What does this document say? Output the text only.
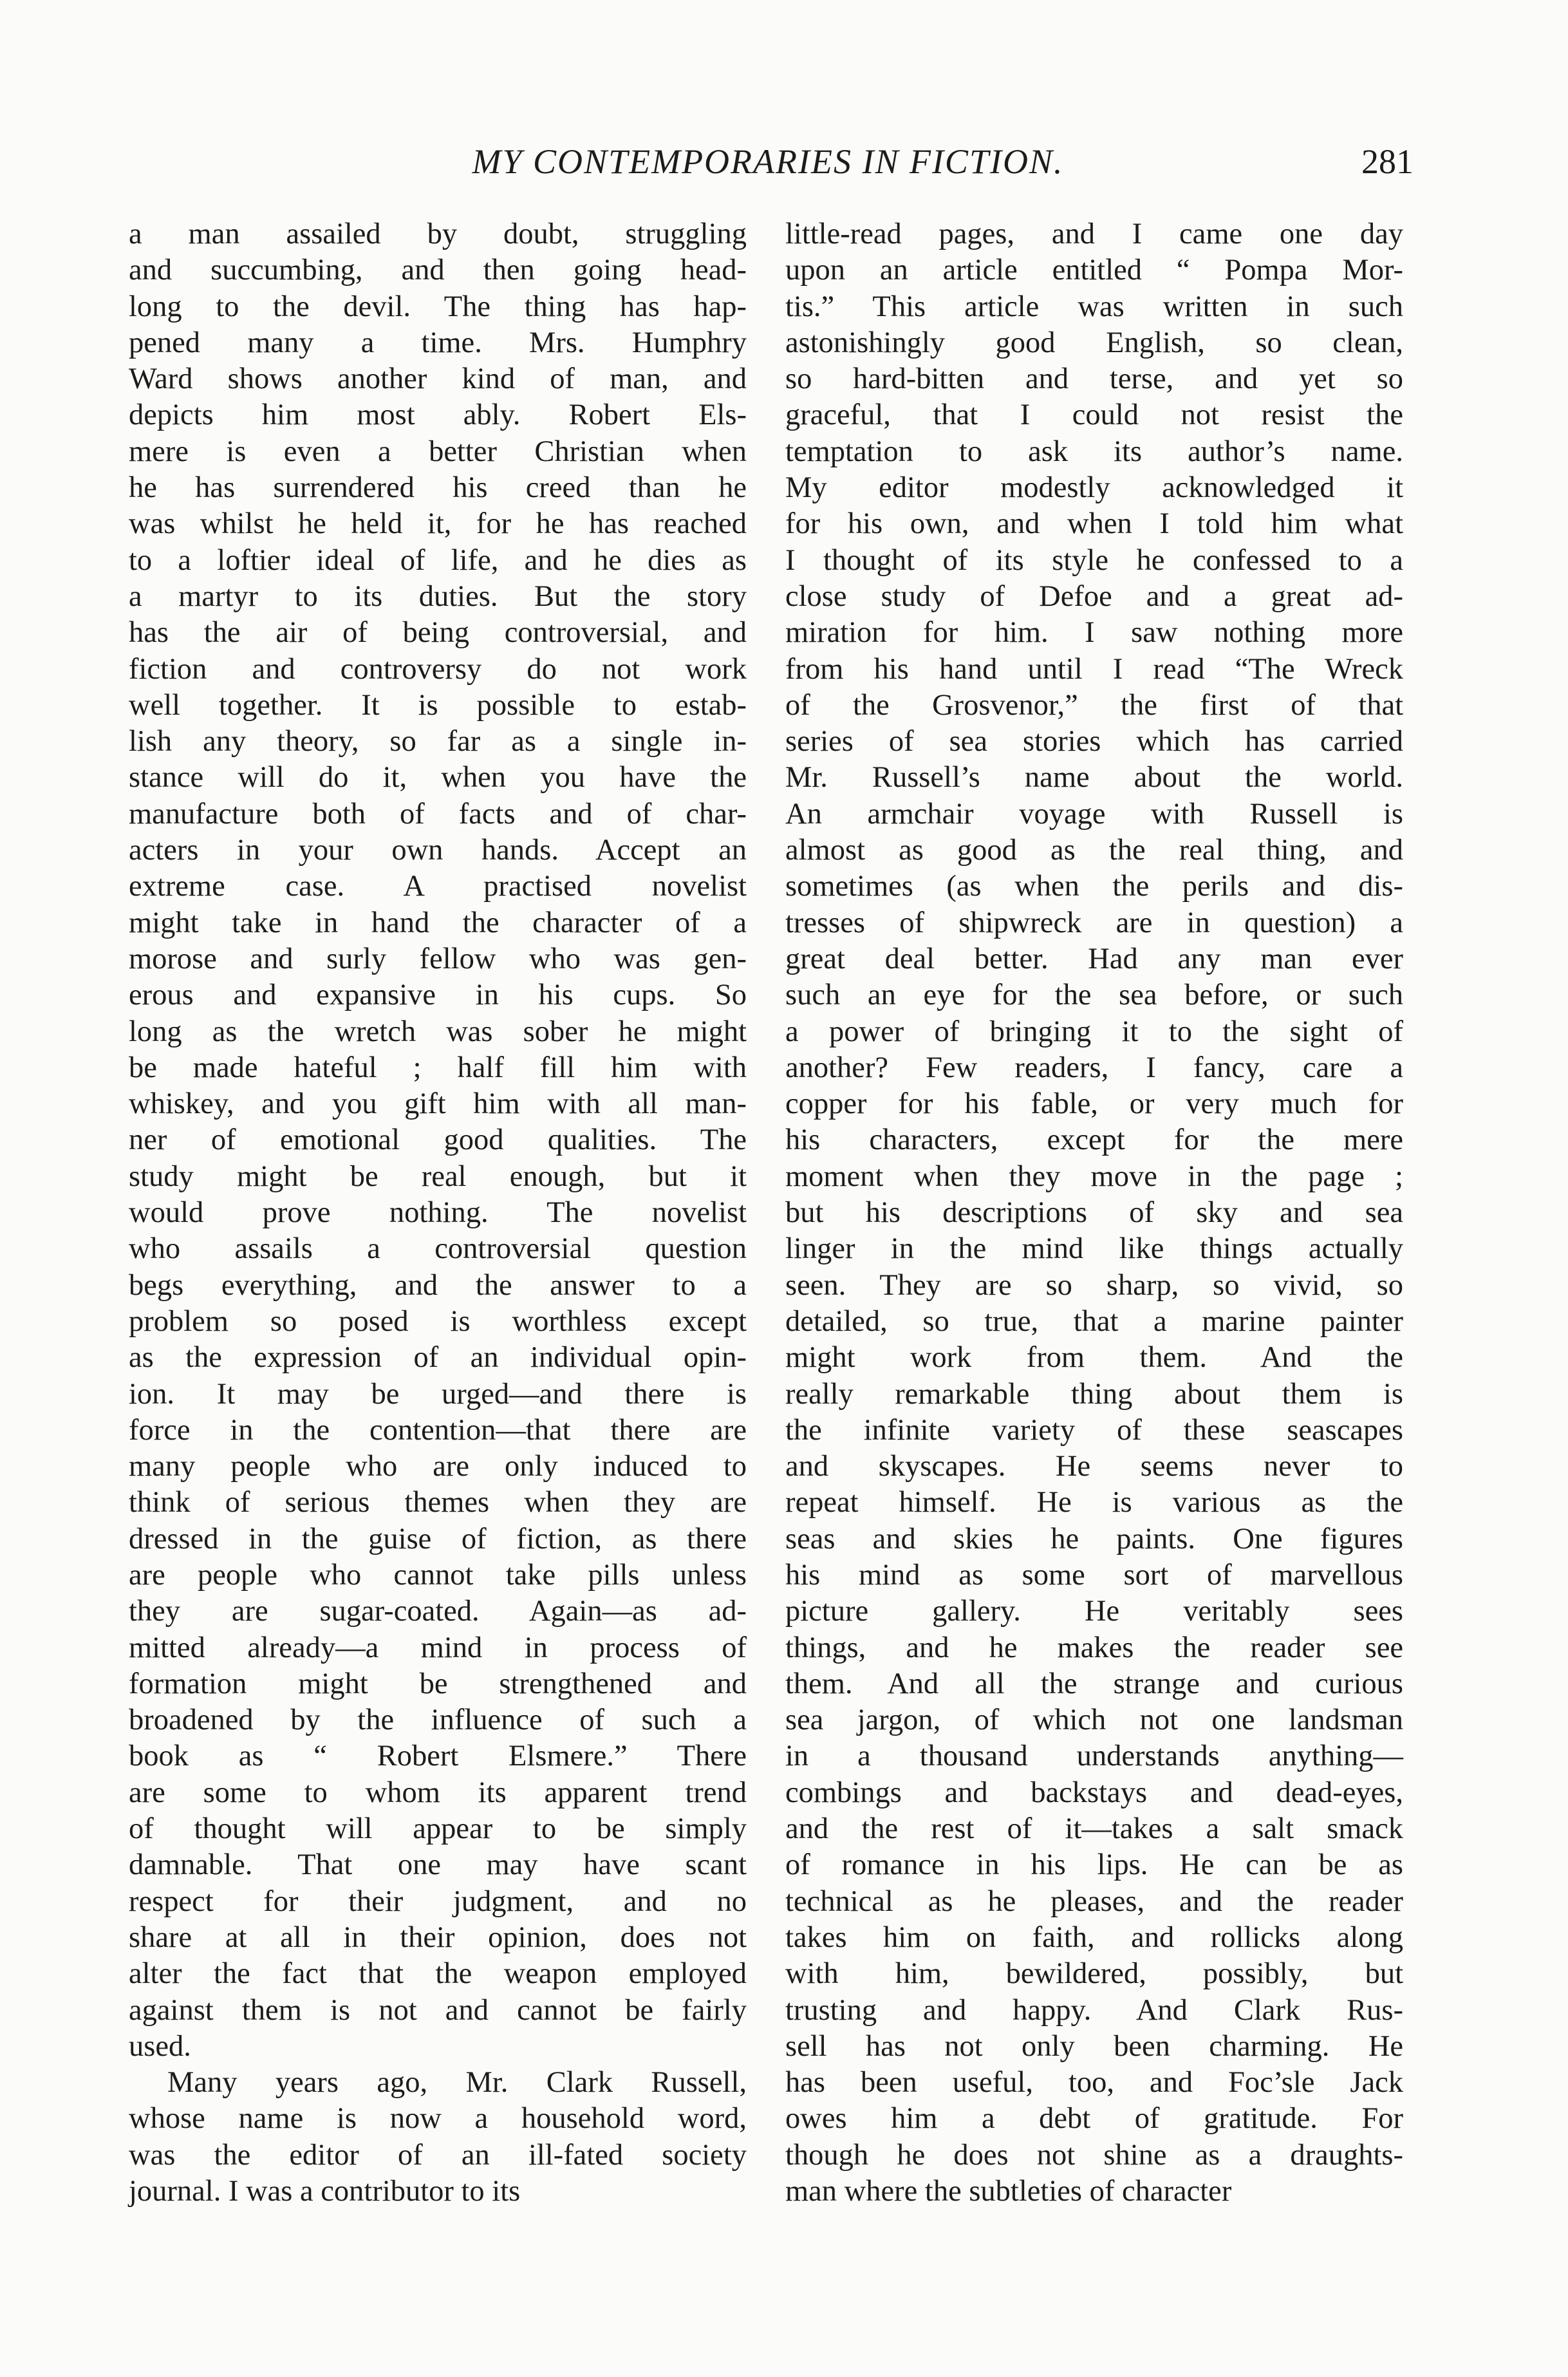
MY CONTEMPORARIES IN FICTION.	281
a man assailed by doubt, struggling
and succumbing, and then going head-
long to the devil. The thing has hap-
pened many a time. Mrs. Humphry
Ward shows another kind of man, and
depicts him most ably. Robert Els-
mere is even a better Christian when
he has surrendered his creed than he
was whilst he held it, for he has reached
to a loftier ideal of life, and he dies as
a martyr to its duties. But the story
has the air of being controversial, and
fiction and controversy do not work
well together. It is possible to estab-
lish any theory, so far as a single in-
stance will do it, when you have the
manufacture both of facts and of char-
acters in your own hands. Accept an
extreme case. A practised novelist
might take in hand the character of a
morose and surly fellow who was gen-
erous and expansive in his cups. So
long as the wretch was sober he might
be made hateful ; half fill him with
whiskey, and you gift him with all man-
ner of emotional good qualities. The
study might be real enough, but it
would prove nothing. The novelist
who assails a controversial question
begs everything, and the answer to a
problem so posed is worthless except
as the expression of an individual opin-
ion. It may be urged—and there is
force in the contention—that there are
many people who are only induced to
think of serious themes when they are
dressed in the guise of fiction, as there
are people who cannot take pills unless
they are sugar-coated. Again—as ad-
mitted already—a mind in process of
formation might be strengthened and
broadened by the influence of such a
book as “ Robert Elsmere.” There
are some to whom its apparent trend
of thought will appear to be simply
damnable. That one may have scant
respect for their judgment, and no
share at all in their opinion, does not
alter the fact that the weapon employed
against them is not and cannot be fairly
used.
Many years ago, Mr. Clark Russell,
whose name is now a household word,
was the editor of an ill-fated society
journal. I was a contributor to its
little-read pages, and I came one day
upon an article entitled “ Pompa Mor-
tis.” This article was written in such
astonishingly good English, so clean,
so hard-bitten and terse, and yet so
graceful, that I could not resist the
temptation to ask its author’s name.
My editor modestly acknowledged it
for his own, and when I told him what
I thought of its style he confessed to a
close study of Defoe and a great ad-
miration for him. I saw nothing more
from his hand until I read “The Wreck
of the Grosvenor,” the first of that
series of sea stories which has carried
Mr. Russell’s name about the world.
An armchair voyage with Russell is
almost as good as the real thing, and
sometimes (as when the perils and dis-
tresses of shipwreck are in question) a
great deal better. Had any man ever
such an eye for the sea before, or such
a power of bringing it to the sight of
another? Few readers, I fancy, care a
copper for his fable, or very much for
his characters, except for the mere
moment when they move in the page ;
but his descriptions of sky and sea
linger in the mind like things actually
seen. They are so sharp, so vivid, so
detailed, so true, that a marine painter
might work from them. And the
really remarkable thing about them is
the infinite variety of these seascapes
and skyscapes. He seems never to
repeat himself. He is various as the
seas and skies he paints. One figures
his mind as some sort of marvellous
picture gallery. He veritably sees
things, and he makes the reader see
them. And all the strange and curious
sea jargon, of which not one landsman
in a thousand understands anything—
combings and backstays and dead-eyes,
and the rest of it—takes a salt smack
of romance in his lips. He can be as
technical as he pleases, and the reader
takes him on faith, and rollicks along
with him, bewildered, possibly, but
trusting and happy. And Clark Rus-
sell has not only been charming. He
has been useful, too, and Foc’sle Jack
owes him a debt of gratitude. For
though he does not shine as a draughts-
man where the subtleties of character
